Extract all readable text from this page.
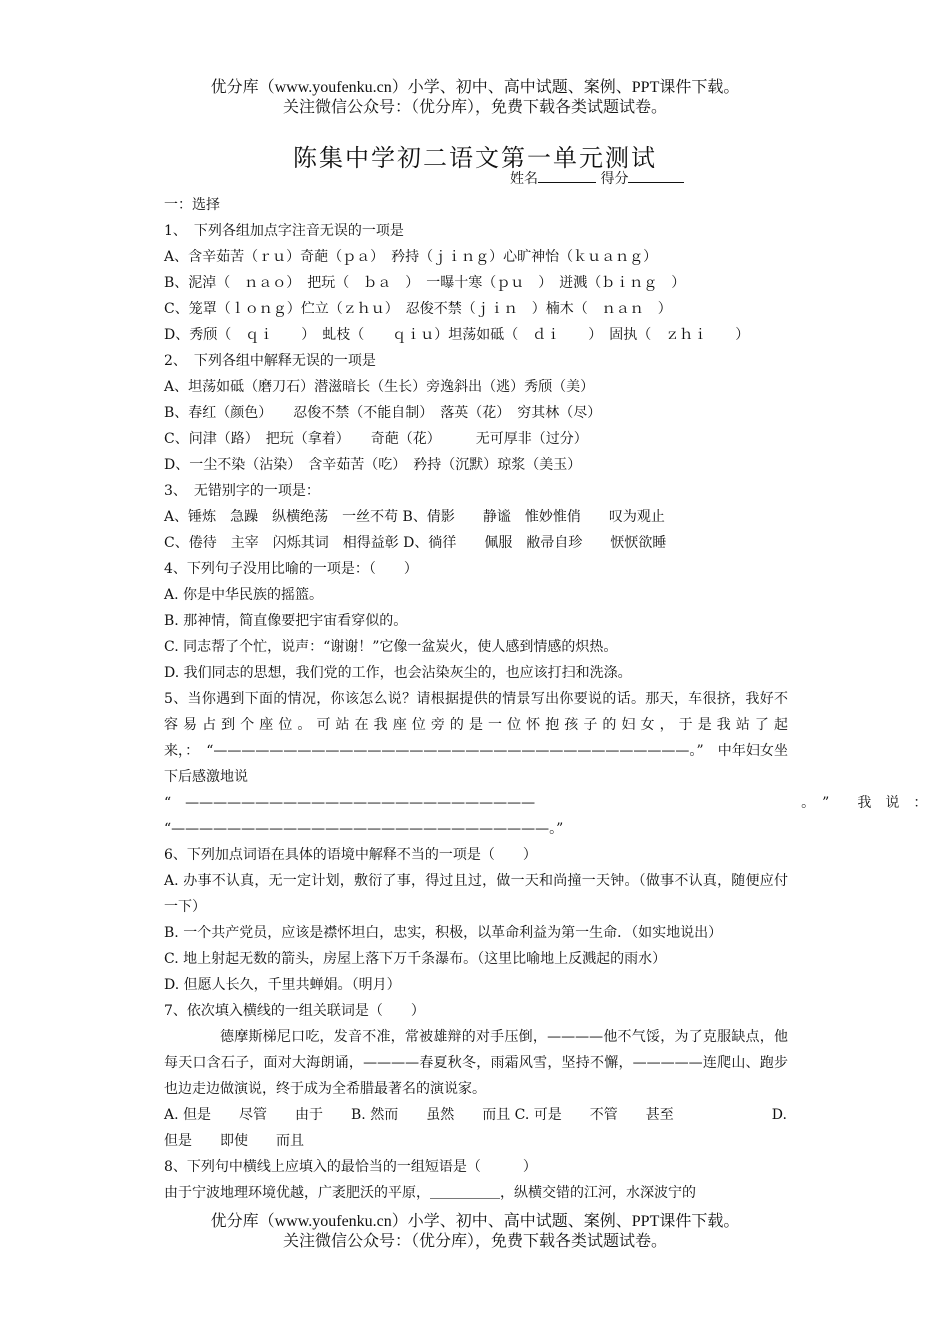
优分库（www.youfenku.cn）小学、初中、高中试题、案例、PPT课件下载。
关注微信公众号：（优分库），免费下载各类试题试卷。
陈集中学初二语文第一单元测试
姓名	得分
一：选择
1、　下列各组加点字注音无误的一项是
A、含辛茹苦（ｒｕ）奇葩（ｐａ）　矜持（ｊｉｎｇ）心旷神怡（ｋｕａｎｇ）
B、泥淖（　ｎａｏ）　把玩（　ｂａ　）　一曝十寒（ｐｕ　）　迸溅（ｂｉｎｇ　）
C、笼罩（ｌｏｎｇ）伫立（ｚｈｕ）　忍俊不禁（ｊｉｎ　）楠木（　ｎａｎ　）
D、秀颀（　ｑｉ　　）　虬枝（　　ｑｉｕ）坦荡如砥（　ｄｉ　　）　固执（　ｚｈｉ　　）
2、　下列各组中解释无误的一项是
A、坦荡如砥（磨刀石）潜滋暗长（生长）旁逸斜出（逃）秀颀（美）
B、春红（颜色）　　忍俊不禁（不能自制）　落英（花）　穷其林（尽）
C、问津（路）　把玩（拿着）　　奇葩（花）　　　无可厚非（过分）
D、一尘不染（沾染）　含辛茹苦（吃）　矜持（沉默）琼浆（美玉）
3、　无错别字的一项是：
A、锤炼　急躁　纵横绝荡　一丝不苟 B、倩影　　静谧　惟妙惟俏　　叹为观止
C、倦待　主宰　闪烁其词　相得益彰 D、徜徉　　佩服　敝帚自珍　　恹恹欲睡
4、下列句子没用比喻的一项是：（　　）
A. 你是中华民族的摇篮。
B. 那神情，简直像要把宇宙看穿似的。
C. 同志帮了个忙，说声：“谢谢！”它像一盆炭火，使人感到情感的炽热。
D. 我们同志的思想，我们党的工作，也会沾染灰尘的，也应该打扫和洗涤。
5、当你遇到下面的情况，你该怎么说？请根据提供的情景写出你要说的话。那天，车很挤，我好不容易占到个座位。可站在我座位旁的是一位怀抱孩子的妇女，于是我站了起来，：　“——————————————————————————————————。”　中年妇女坐下后感激地说
“　—————————————————————————　　　　　　　　　　　　　　　　　　　。　”　　我　说　：
“———————————————————————————。”
6、下列加点词语在具体的语境中解释不当的一项是（　　）
A. 办事不认真，无一定计划，敷衍了事，得过且过，做一天和尚撞一天钟。（做事不认真，随便应付一下）
B. 一个共产党员，应该是襟怀坦白，忠实，积极，以革命利益为第一生命．（如实地说出）
C. 地上射起无数的箭头，房屋上落下万千条瀑布。（这里比喻地上反溅起的雨水）
D. 但愿人长久，千里共蝉娟。（明月）
7、依次填入横线的一组关联词是（　　）
德摩斯梯尼口吃，发音不准，常被雄辩的对手压倒，————他不气馁，为了克服缺点，他每天口含石子，面对大海朗诵，————春夏秋冬，雨霜风雪，坚持不懈，—————连爬山、跑步也边走边做演说，终于成为全希腊最著名的演说家。
A. 但是　　尽管　　由于　　B. 然而　　虽然　　而且 C. 可是　　不管　　甚至　　　　　　　D.
但是　　即使　　而且
8、下列句中横线上应填入的最恰当的一组短语是（　　　）
由于宁波地理环境优越，广袤肥沃的平原，＿＿＿＿＿，纵横交错的江河，水深波宁的
优分库（www.youfenku.cn）小学、初中、高中试题、案例、PPT课件下载。
关注微信公众号：（优分库），免费下载各类试题试卷。
